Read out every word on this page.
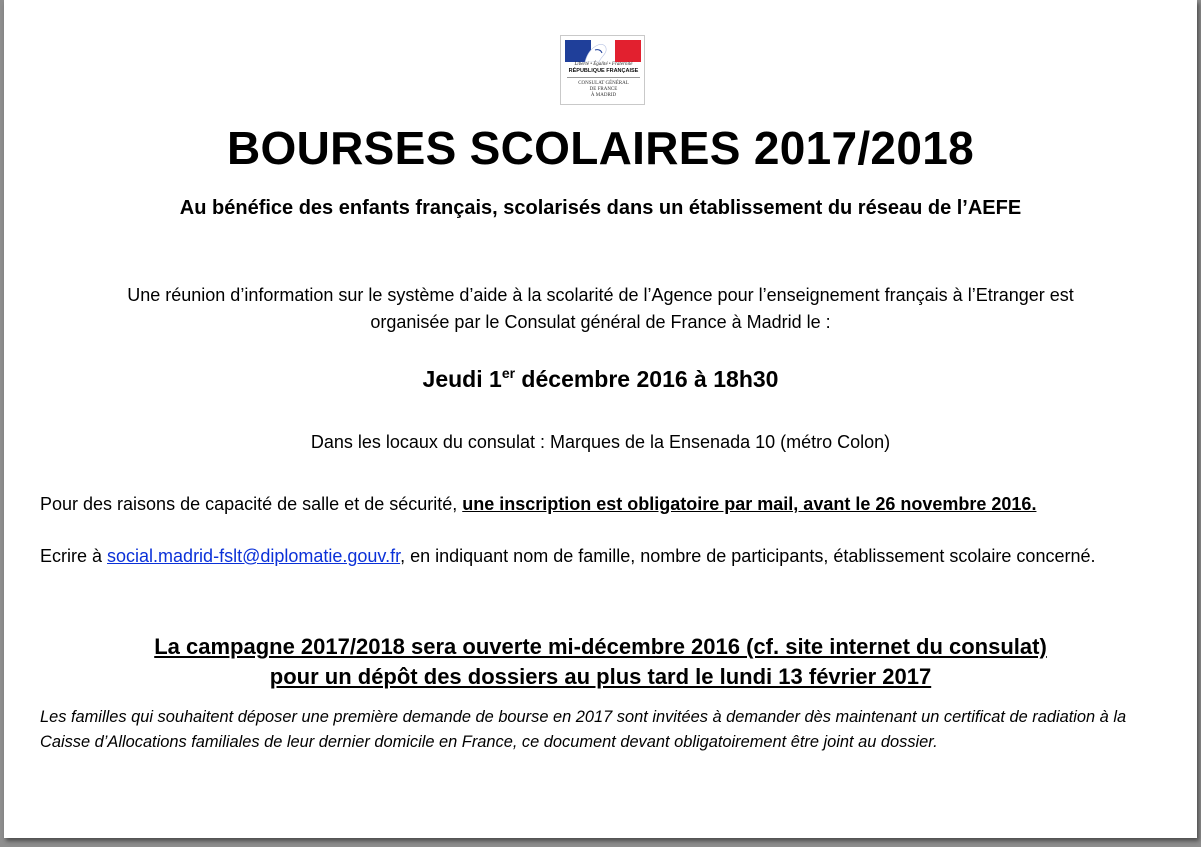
Liberté • Égalité • Fraternité
RÉPUBLIQUE FRANÇAISE
CONSULAT GÉNÉRAL
DE FRANCE
À MADRID
BOURSES SCOLAIRES 2017/2018
Au bénéfice des enfants français, scolarisés dans un établissement du réseau de l’AEFE
Une réunion d’information sur le système d’aide à la scolarité de l’Agence pour l’enseignement français à l’Etranger est
organisée par le Consulat général de France à Madrid le :
Jeudi 1er décembre 2016 à 18h30
Dans les locaux du consulat : Marques de la Ensenada 10 (métro Colon)
Pour des raisons de capacité de salle et de sécurité, une inscription est obligatoire par mail, avant le 26 novembre 2016.
Ecrire à social.madrid-fslt@diplomatie.gouv.fr, en indiquant nom de famille, nombre de participants, établissement scolaire concerné.
La campagne 2017/2018 sera ouverte mi-décembre 2016 (cf. site internet du consulat)
pour un dépôt des dossiers au plus tard le lundi 13 février 2017
Les familles qui souhaitent déposer une première demande de bourse en 2017 sont invitées à demander dès maintenant un certificat de radiation à la Caisse d’Allocations familiales de leur dernier domicile en France, ce document devant obligatoirement être joint au dossier.
